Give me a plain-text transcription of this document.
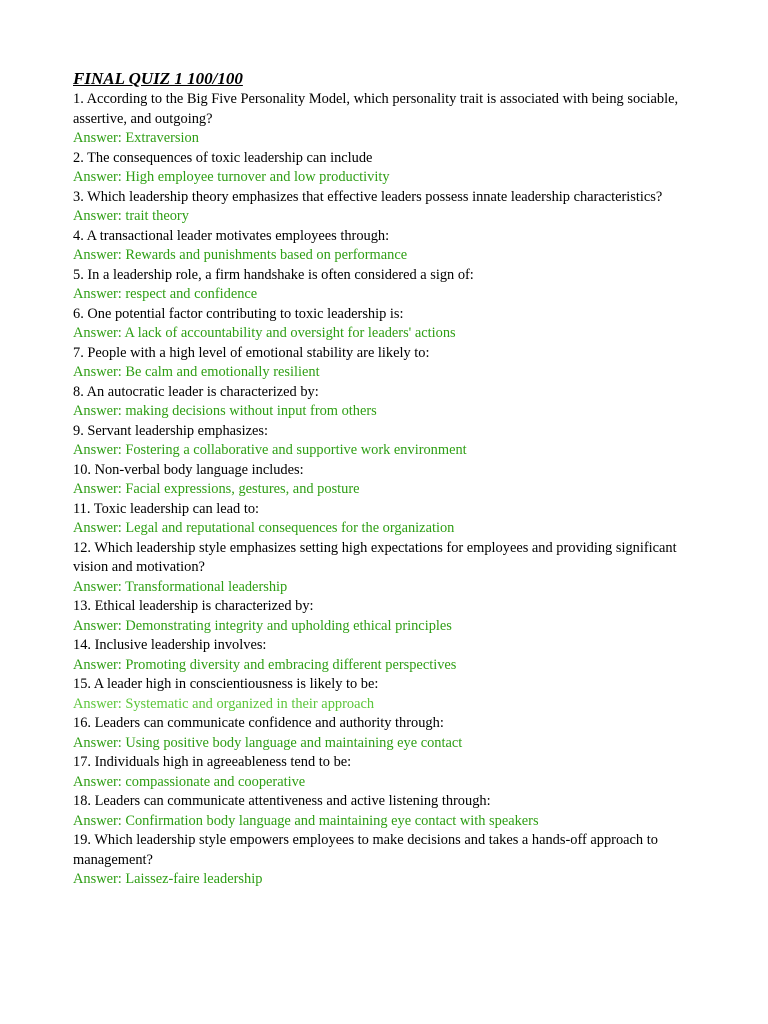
FINAL QUIZ 1 100/100

1. According to the Big Five Personality Model, which personality trait is associated with being sociable, assertive, and outgoing?

Answer: Extraversion

2. The consequences of toxic leadership can include

Answer: High employee turnover and low productivity

3. Which leadership theory emphasizes that effective leaders possess innate leadership characteristics?

Answer: trait theory

4. A transactional leader motivates employees through:

Answer: Rewards and punishments based on performance

5. In a leadership role, a firm handshake is often considered a sign of:

Answer: respect and confidence

6. One potential factor contributing to toxic leadership is:

Answer: A lack of accountability and oversight for leaders' actions

7. People with a high level of emotional stability are likely to:

Answer: Be calm and emotionally resilient

8. An autocratic leader is characterized by:

Answer: making decisions without input from others

9. Servant leadership emphasizes:

Answer: Fostering a collaborative and supportive work environment

10. Non-verbal body language includes:

Answer: Facial expressions, gestures, and posture

11. Toxic leadership can lead to:

Answer: Legal and reputational consequences for the organization

12. Which leadership style emphasizes setting high expectations for employees and providing significant vision and motivation?

Answer: Transformational leadership

13. Ethical leadership is characterized by:

Answer: Demonstrating integrity and upholding ethical principles

14. Inclusive leadership involves:

Answer: Promoting diversity and embracing different perspectives

15. A leader high in conscientiousness is likely to be:

Answer: Systematic and organized in their approach

16. Leaders can communicate confidence and authority through:

Answer: Using positive body language and maintaining eye contact

17. Individuals high in agreeableness tend to be:

Answer: compassionate and cooperative

18. Leaders can communicate attentiveness and active listening through:

Answer: Confirmation body language and maintaining eye contact with speakers

19. Which leadership style empowers employees to make decisions and takes a hands-off approach to management?

Answer: Laissez-faire leadership
